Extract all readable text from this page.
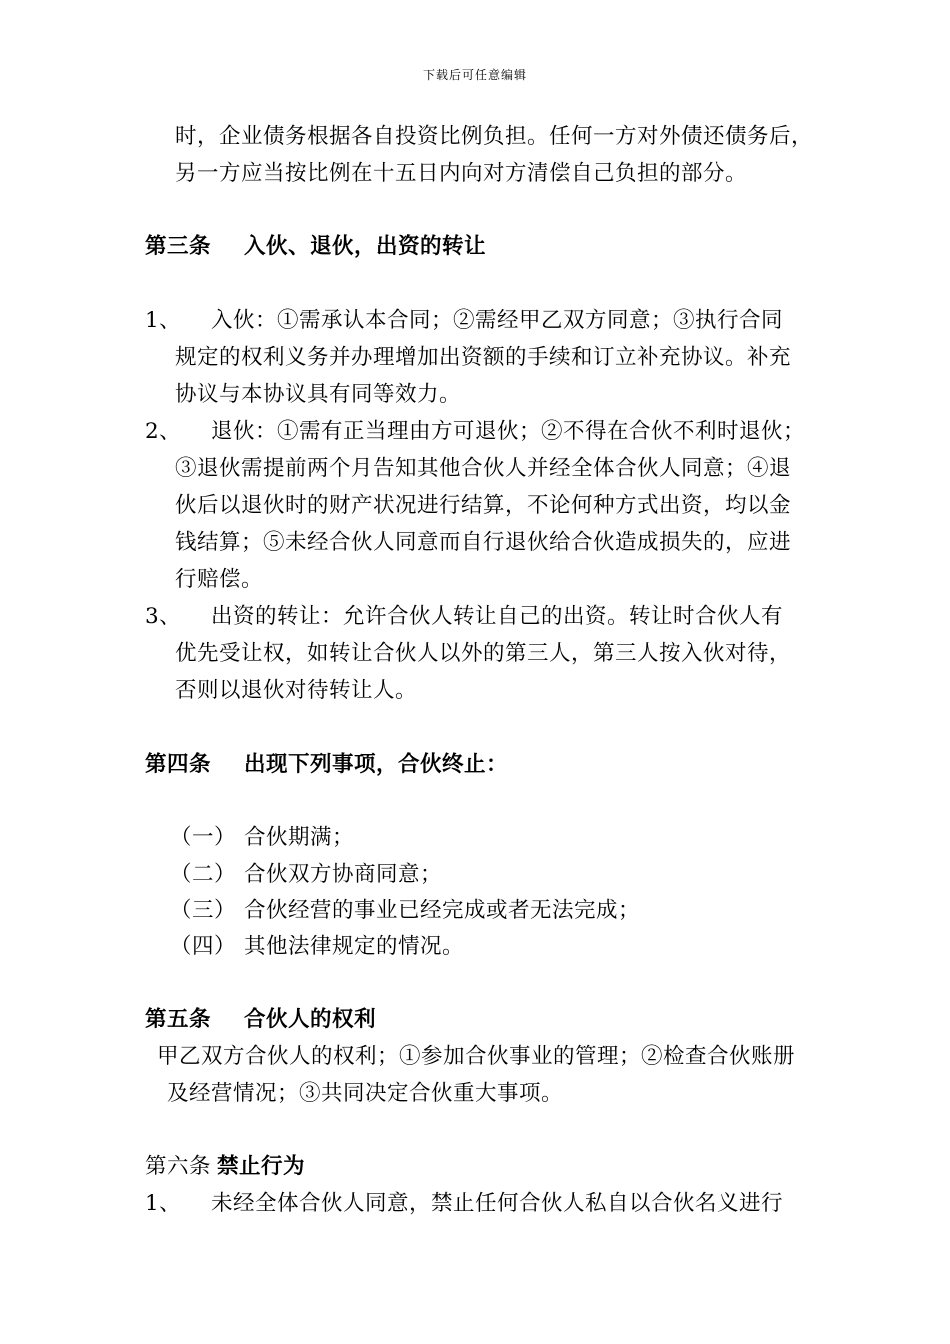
下载后可任意编辑
时，企业债务根据各自投资比例负担。任何一方对外债还债务后，
另一方应当按比例在十五日内向对方清偿自己负担的部分。
第三条 入伙、退伙，出资的转让
1、 入伙：①需承认本合同；②需经甲乙双方同意；③执行合同
规定的权利义务并办理增加出资额的手续和订立补充协议。补充
协议与本协议具有同等效力。
2、 退伙：①需有正当理由方可退伙；②不得在合伙不利时退伙；
③退伙需提前两个月告知其他合伙人并经全体合伙人同意；④退
伙后以退伙时的财产状况进行结算，不论何种方式出资，均以金
钱结算；⑤未经合伙人同意而自行退伙给合伙造成损失的，应进
行赔偿。
3、 出资的转让：允许合伙人转让自己的出资。转让时合伙人有
优先受让权，如转让合伙人以外的第三人，第三人按入伙对待，
否则以退伙对待转让人。
第四条 出现下列事项，合伙终止：
（一） 合伙期满；
（二） 合伙双方协商同意；
（三） 合伙经营的事业已经完成或者无法完成；
（四） 其他法律规定的情况。
第五条 合伙人的权利
甲乙双方合伙人的权利；①参加合伙事业的管理；②检查合伙账册
及经营情况；③共同决定合伙重大事项。
第六条 禁止行为
1、 未经全体合伙人同意，禁止任何合伙人私自以合伙名义进行
